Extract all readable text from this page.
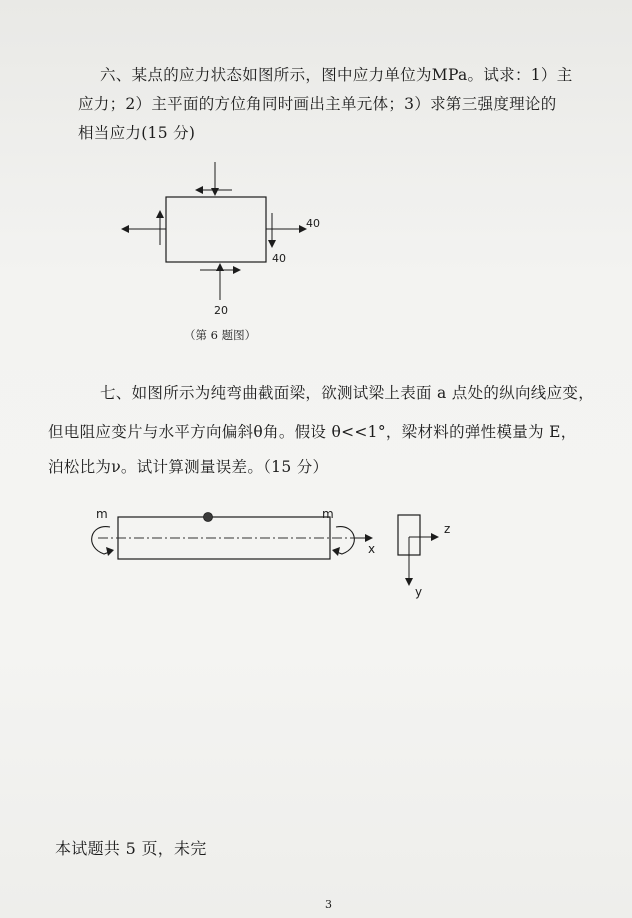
六、某点的应力状态如图所示，图中应力单位为MPa。试求：1）主
应力；2）主平面的方位角同时画出主单元体；3）求第三强度理论的
相当应力(15 分)
40
40
20
（第 6 题图）
七、如图所示为纯弯曲截面梁，欲测试梁上表面 a 点处的纵向线应变，
但电阻应变片与水平方向偏斜θ角。假设 θ<<1°，梁材料的弹性模量为 E，
泊松比为ν。试计算测量误差。（15 分）
m	m
x
z
y
本试题共 5 页，未完
3
